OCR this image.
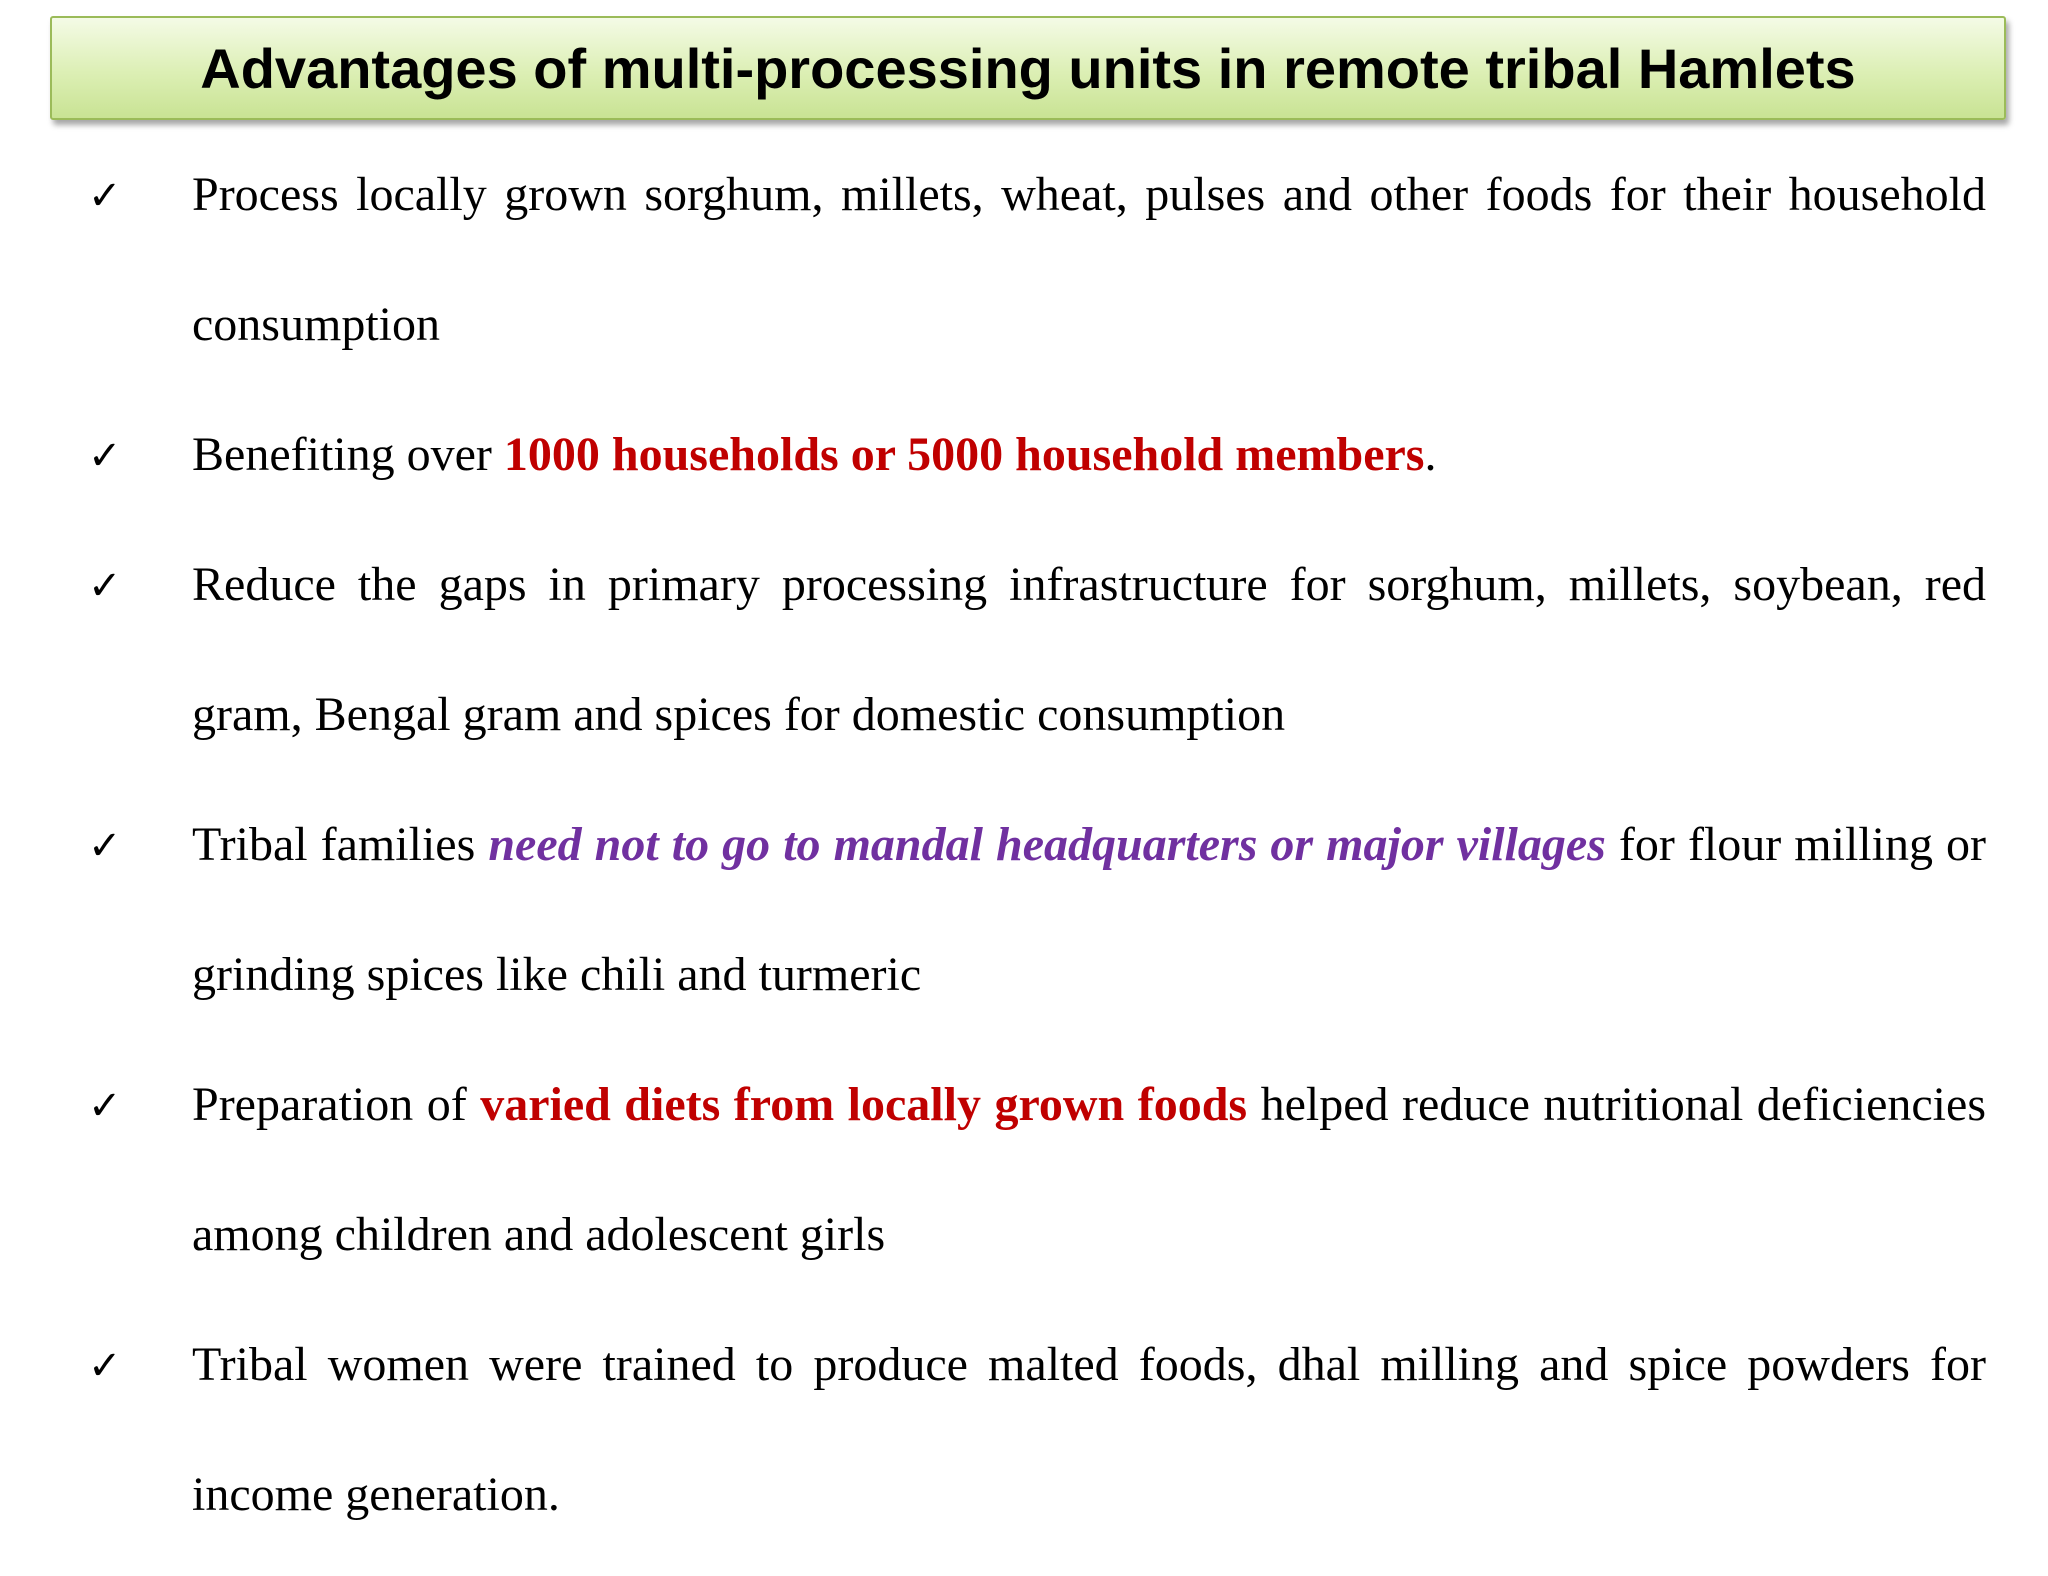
Advantages of multi-processing units in remote tribal Hamlets
✓ Process locally grown sorghum, millets, wheat, pulses and other foods for their household consumption
✓ Benefiting over 1000 households or 5000 household members.
✓ Reduce the gaps in primary processing infrastructure for sorghum, millets, soybean, red gram, Bengal gram and spices for domestic consumption
✓ Tribal families need not to go to mandal headquarters or major villages for flour milling or grinding spices like chili and turmeric
✓ Preparation of varied diets from locally grown foods helped reduce nutritional deficiencies among children and adolescent girls
✓ Tribal women were trained to produce malted foods, dhal milling and spice powders for income generation.
